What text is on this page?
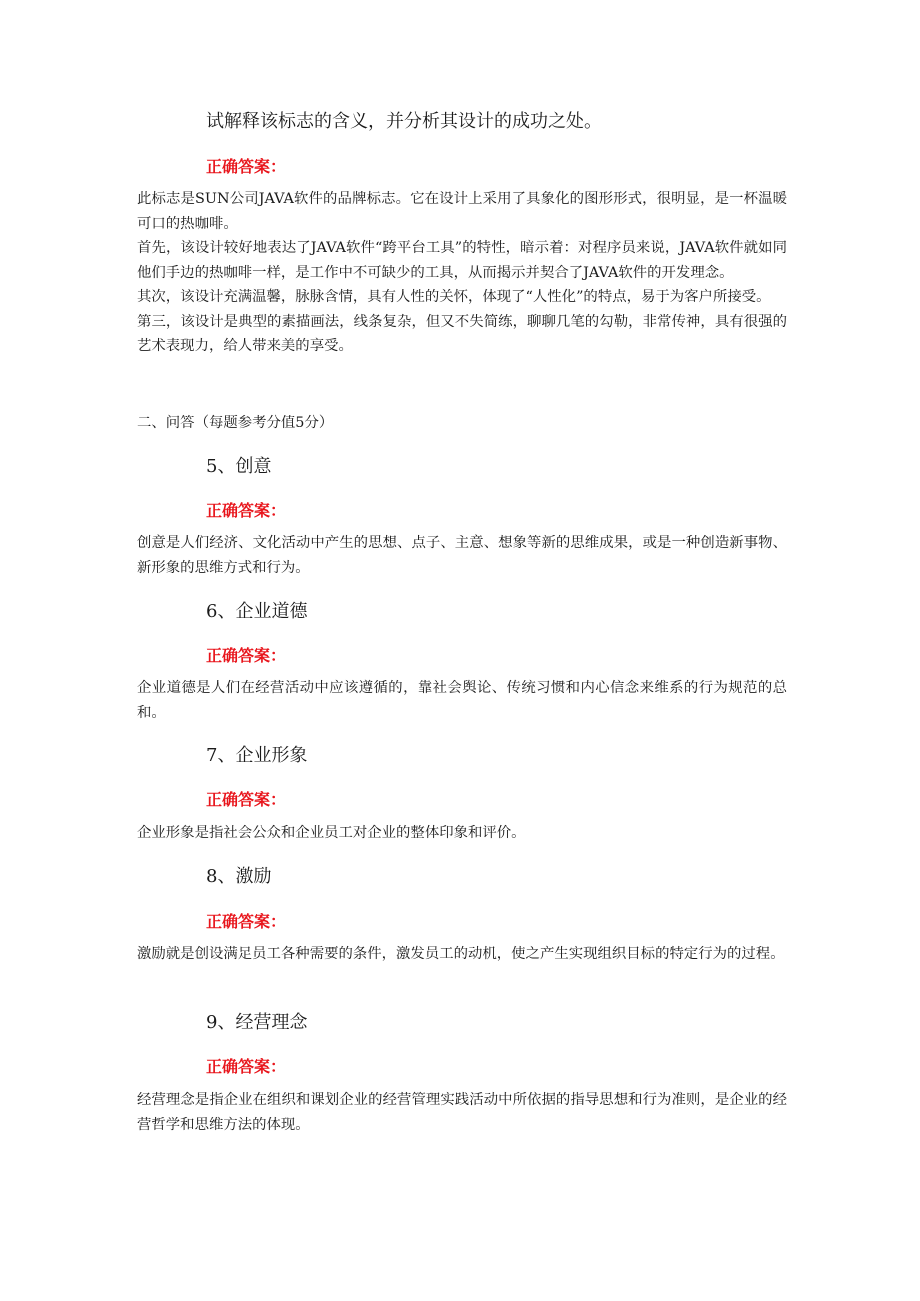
试解释该标志的含义，并分析其设计的成功之处。

正确答案：

此标志是SUN公司JAVA软件的品牌标志。它在设计上采用了具象化的图形形式，很明显，是一杯温暖可口的热咖啡。

首先，该设计较好地表达了JAVA软件“跨平台工具”的特性，暗示着：对程序员来说，JAVA软件就如同他们手边的热咖啡一样，是工作中不可缺少的工具，从而揭示并契合了JAVA软件的开发理念。

其次，该设计充满温馨，脉脉含情，具有人性的关怀，体现了“人性化”的特点，易于为客户所接受。

第三，该设计是典型的素描画法，线条复杂，但又不失简练，聊聊几笔的勾勒，非常传神，具有很强的艺术表现力，给人带来美的享受。

二、问答（每题参考分值5分）

5、创意

正确答案：

创意是人们经济、文化活动中产生的思想、点子、主意、想象等新的思维成果，或是一种创造新事物、新形象的思维方式和行为。

6、企业道德

正确答案：

企业道德是人们在经营活动中应该遵循的，靠社会舆论、传统习惯和内心信念来维系的行为规范的总和。

7、企业形象

正确答案：

企业形象是指社会公众和企业员工对企业的整体印象和评价。

8、激励

正确答案：

激励就是创设满足员工各种需要的条件，激发员工的动机，使之产生实现组织目标的特定行为的过程。

9、经营理念

正确答案：

经营理念是指企业在组织和课划企业的经营管理实践活动中所依据的指导思想和行为准则，是企业的经营哲学和思维方法的体现。
